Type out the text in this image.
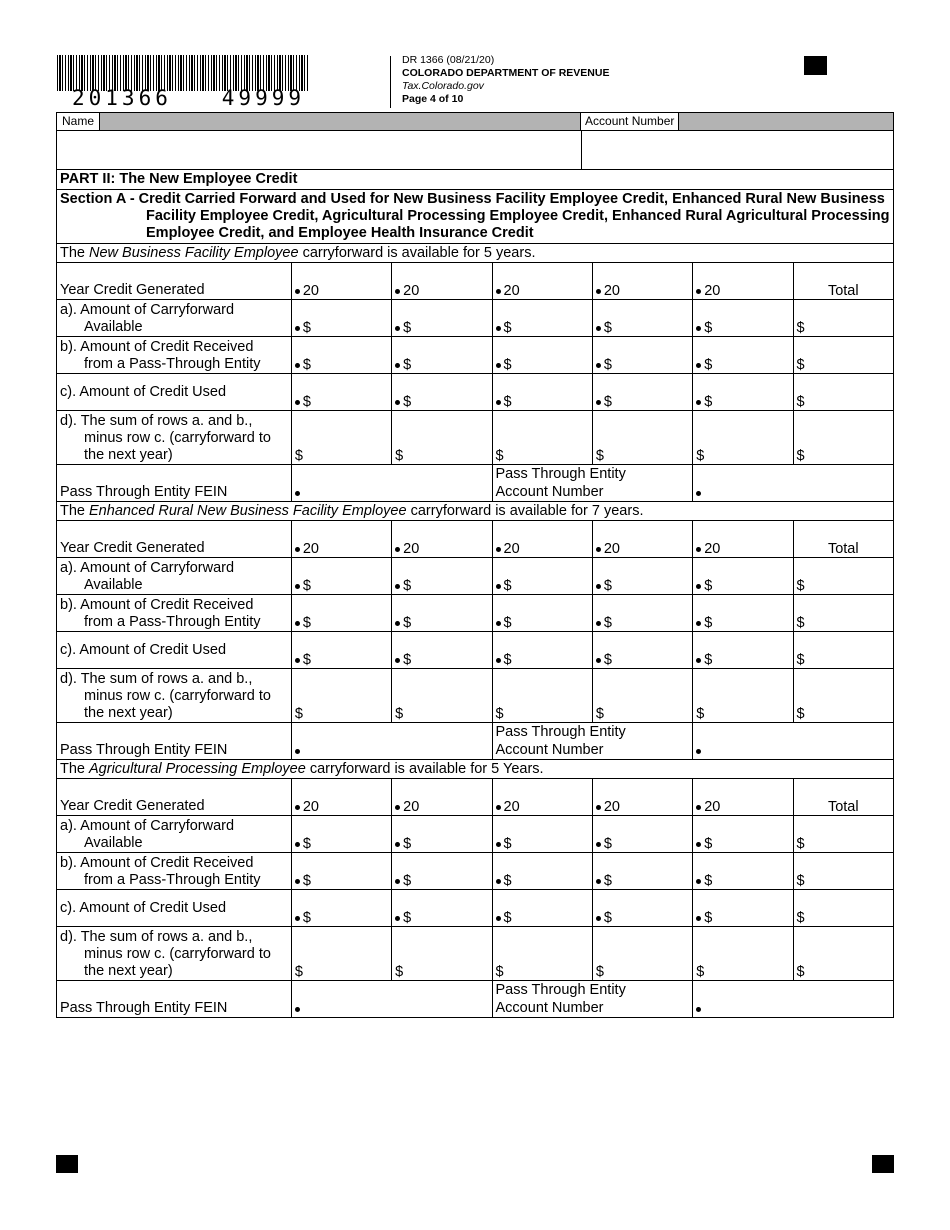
201366   49999
DR 1366 (08/21/20)
COLORADO DEPARTMENT OF REVENUE
Tax.Colorado.gov
Page 4 of 10
Name	Account Number
PART II: The New Employee Credit
Section A - Credit Carried Forward and Used for New Business Facility Employee Credit, Enhanced Rural New Business Facility Employee Credit, Agricultural Processing Employee Credit, Enhanced Rural Agricultural Processing Employee Credit, and Employee Health Insurance Credit
The New Business Facility Employee carryforward is available for 5 years.						
Year Credit Generated	20	20	20	20	20	Total
a). Amount of Carryforward
Available	$	$	$	$	$	$
b). Amount of Credit Received
from a Pass-Through Entity	$	$	$	$	$	$
c). Amount of Credit Used	$	$	$	$	$	$
d). The sum of rows a. and b.,
minus row c. (carryforward to
the next year)	$	$	$	$	$	$
Pass Through Entity FEIN			Pass Through Entity
Account Number			
The Enhanced Rural New Business Facility Employee carryforward is available for 7 years.						
Year Credit Generated	20	20	20	20	20	Total
a). Amount of Carryforward
Available	$	$	$	$	$	$
b). Amount of Credit Received
from a Pass-Through Entity	$	$	$	$	$	$
c). Amount of Credit Used	$	$	$	$	$	$
d). The sum of rows a. and b.,
minus row c. (carryforward to
the next year)	$	$	$	$	$	$
Pass Through Entity FEIN			Pass Through Entity
Account Number			
The Agricultural Processing Employee carryforward is available for 5 Years.						
Year Credit Generated	20	20	20	20	20	Total
a). Amount of Carryforward
Available	$	$	$	$	$	$
b). Amount of Credit Received
from a Pass-Through Entity	$	$	$	$	$	$
c). Amount of Credit Used	$	$	$	$	$	$
d). The sum of rows a. and b.,
minus row c. (carryforward to
the next year)	$	$	$	$	$	$
Pass Through Entity FEIN			Pass Through Entity
Account Number			
